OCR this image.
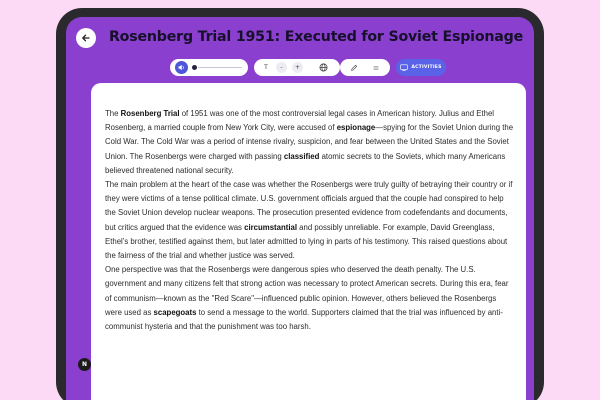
Rosenberg Trial 1951: Executed for Soviet Espionage
T	-	+	ACTIVITIES

The Rosenberg Trial of 1951 was one of the most controversial legal cases in American history. Julius and Ethel Rosenberg, a married couple from New York City, were accused of espionage—spying for the Soviet Union during the Cold War. The Cold War was a period of intense rivalry, suspicion, and fear between the United States and the Soviet Union. The Rosenbergs were charged with passing classified atomic secrets to the Soviets, which many Americans believed threatened national security.

The main problem at the heart of the case was whether the Rosenbergs were truly guilty of betraying their country or if they were victims of a tense political climate. U.S. government officials argued that the couple had conspired to help the Soviet Union develop nuclear weapons. The prosecution presented evidence from codefendants and documents, but critics argued that the evidence was circumstantial and possibly unreliable. For example, David Greenglass, Ethel’s brother, testified against them, but later admitted to lying in parts of his testimony. This raised questions about the fairness of the trial and whether justice was served.

One perspective was that the Rosenbergs were dangerous spies who deserved the death penalty. The U.S. government and many citizens felt that strong action was necessary to protect American secrets. During this era, fear of communism—known as the "Red Scare"—influenced public opinion. However, others believed the Rosenbergs were used as scapegoats to send a message to the world. Supporters claimed that the trial was influenced by anti-communist hysteria and that the punishment was too harsh.

N
